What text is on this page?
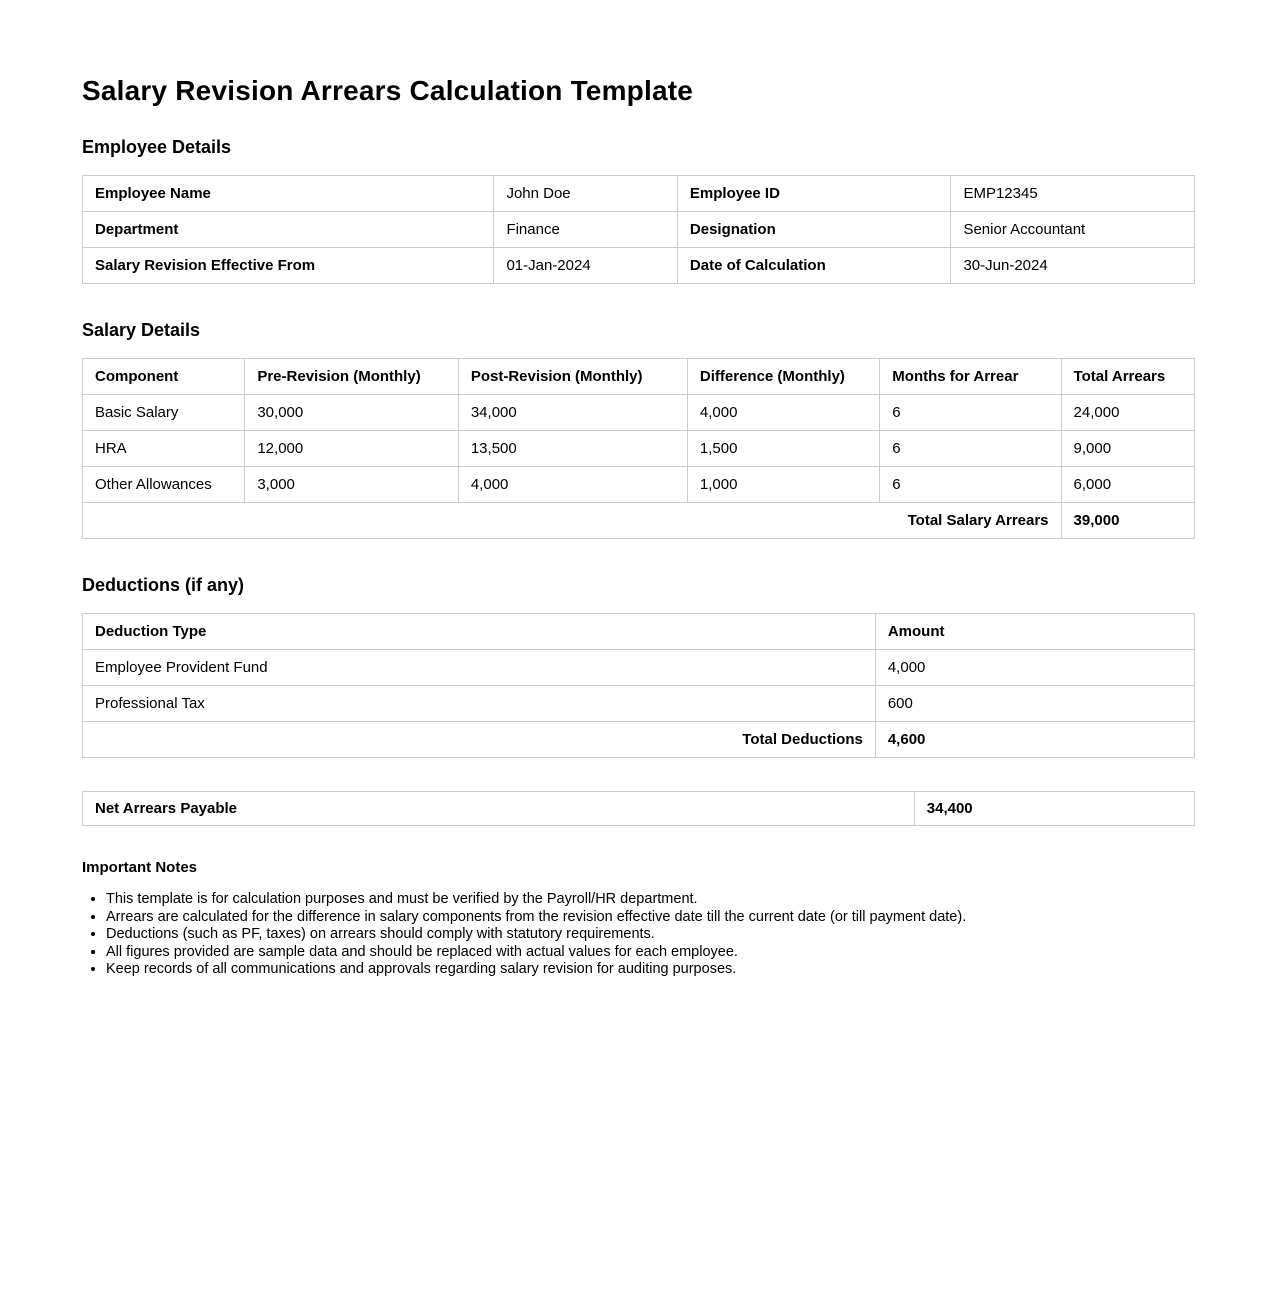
Salary Revision Arrears Calculation Template
Employee Details
Employee Name	John Doe	Employee ID	EMP12345
Department	Finance	Designation	Senior Accountant
Salary Revision Effective From	01-Jan-2024	Date of Calculation	30-Jun-2024
Salary Details
Component	Pre-Revision (Monthly)	Post-Revision (Monthly)	Difference (Monthly)	Months for Arrear	Total Arrears
Basic Salary	30,000	34,000	4,000	6	24,000
HRA	12,000	13,500	1,500	6	9,000
Other Allowances	3,000	4,000	1,000	6	6,000
Total Salary Arrears					39,000
Deductions (if any)
Deduction Type	Amount
Employee Provident Fund	4,000
Professional Tax	600
Total Deductions	4,600
Net Arrears Payable	34,400
Important Notes
• This template is for calculation purposes and must be verified by the Payroll/HR department.
• Arrears are calculated for the difference in salary components from the revision effective date till the current date (or till payment date).
• Deductions (such as PF, taxes) on arrears should comply with statutory requirements.
• All figures provided are sample data and should be replaced with actual values for each employee.
• Keep records of all communications and approvals regarding salary revision for auditing purposes.
